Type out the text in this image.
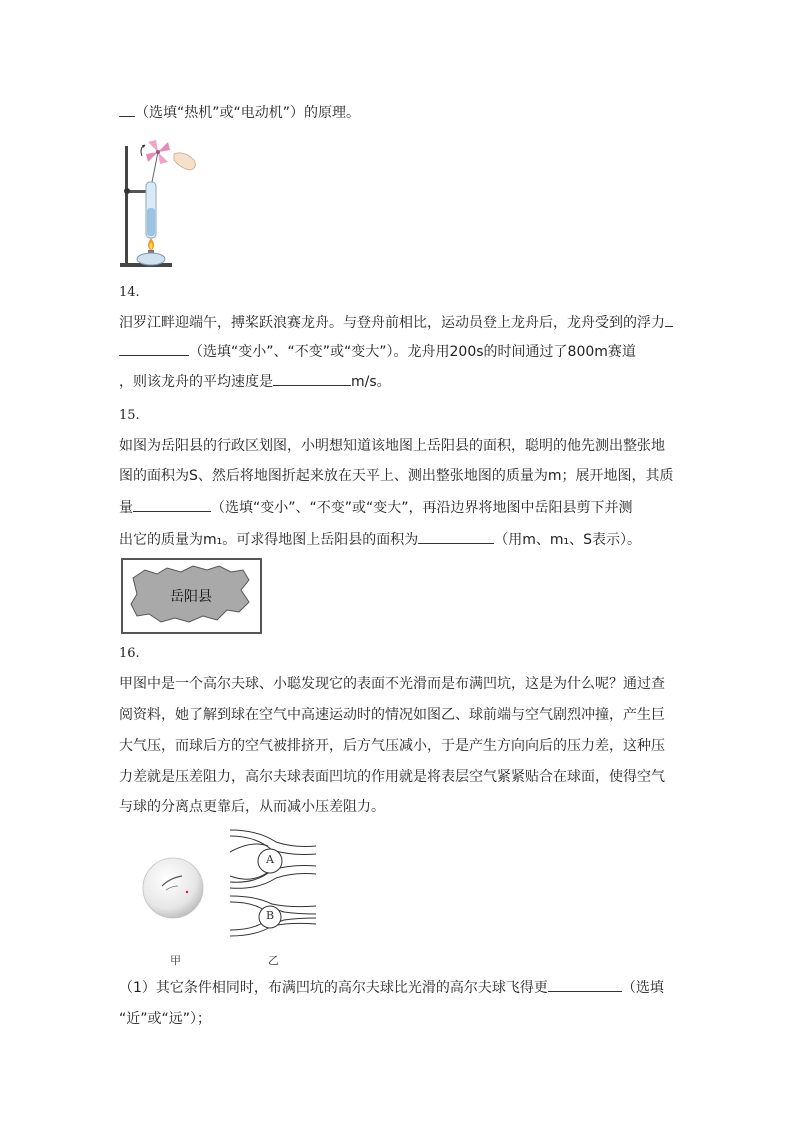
（选填“热机”或“电动机”）的原理。
14.
汨罗江畔迎端午，搏桨跃浪赛龙舟。与登舟前相比，运动员登上龙舟后，龙舟受到的浮力
（选填“变小”、“不变”或“变大”）。龙舟用200s的时间通过了800m赛道
，则该龙舟的平均速度是	m/s。
15.
如图为岳阳县的行政区划图，小明想知道该地图上岳阳县的面积，聪明的他先测出整张地
图的面积为S、然后将地图折起来放在天平上、测出整张地图的质量为m；展开地图，其质
量	（选填“变小”、“不变”或“变大”，再沿边界将地图中岳阳县剪下并测
出它的质量为m₁。可求得地图上岳阳县的面积为	（用m、m₁、S表示）。
岳阳县
16.
甲图中是一个高尔夫球、小聪发现它的表面不光滑而是布满凹坑，这是为什么呢？通过查
阅资料，她了解到球在空气中高速运动时的情况如图乙、球前端与空气剧烈冲撞，产生巨
大气压，而球后方的空气被排挤开，后方气压减小，于是产生方向向后的压力差，这种压
力差就是压差阻力，高尔夫球表面凹坑的作用就是将表层空气紧紧贴合在球面，使得空气
与球的分离点更靠后，从而减小压差阻力。
甲
A
B
乙
（1）其它条件相同时，布满凹坑的高尔夫球比光滑的高尔夫球飞得更	（选填
“近”或“远”）；
